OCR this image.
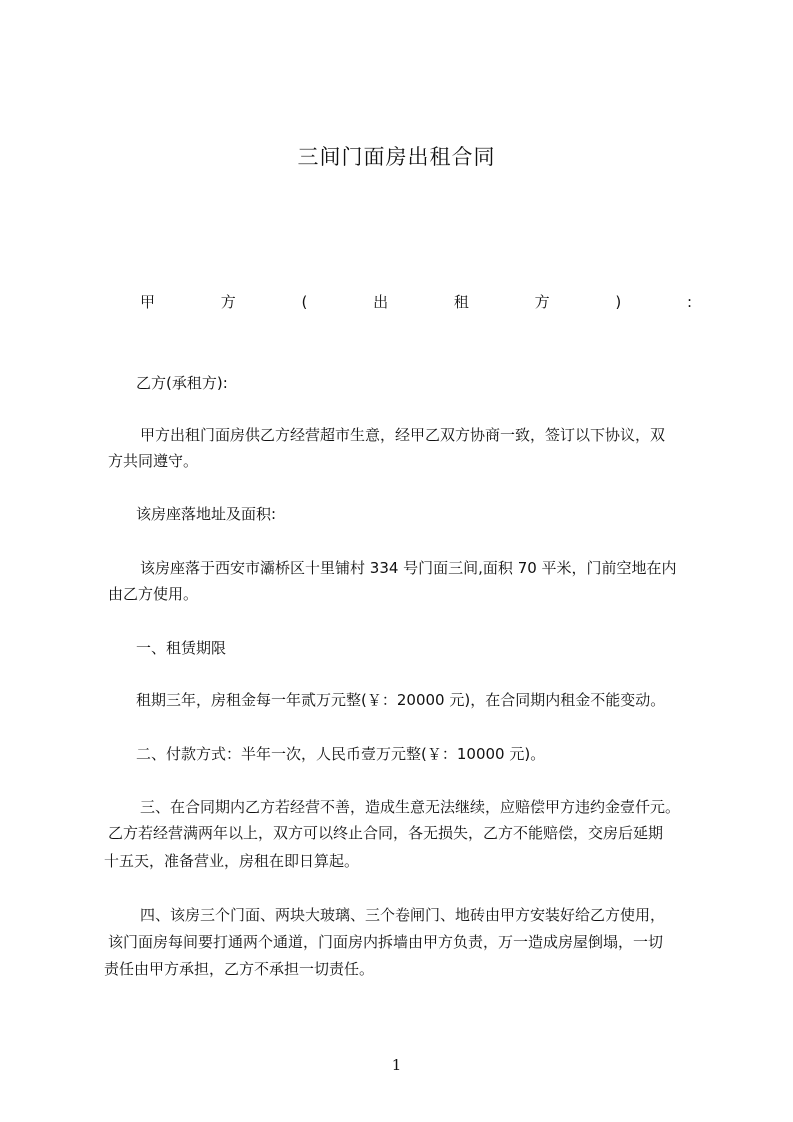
三间门面房出租合同
甲	方	(	出	租	方	)	:
乙方(承租方):
甲方出租门面房供乙方经营超市生意，经甲乙双方协商一致，签订以下协议，双
方共同遵守。
该房座落地址及面积:
该房座落于西安市灞桥区十里铺村 334 号门面三间,面积 70 平米，门前空地在内
由乙方使用。
一、租赁期限
租期三年，房租金每一年贰万元整(￥：20000 元)，在合同期内租金不能变动。
二、付款方式：半年一次，人民币壹万元整(￥：10000 元)。
三、在合同期内乙方若经营不善，造成生意无法继续，应赔偿甲方违约金壹仟元。
乙方若经营满两年以上，双方可以终止合同，各无损失，乙方不能赔偿，交房后延期
十五天，准备营业，房租在即日算起。
四、该房三个门面、两块大玻璃、三个卷闸门、地砖由甲方安装好给乙方使用，
该门面房每间要打通两个通道，门面房内拆墙由甲方负责，万一造成房屋倒塌，一切
责任由甲方承担，乙方不承担一切责任。
1
